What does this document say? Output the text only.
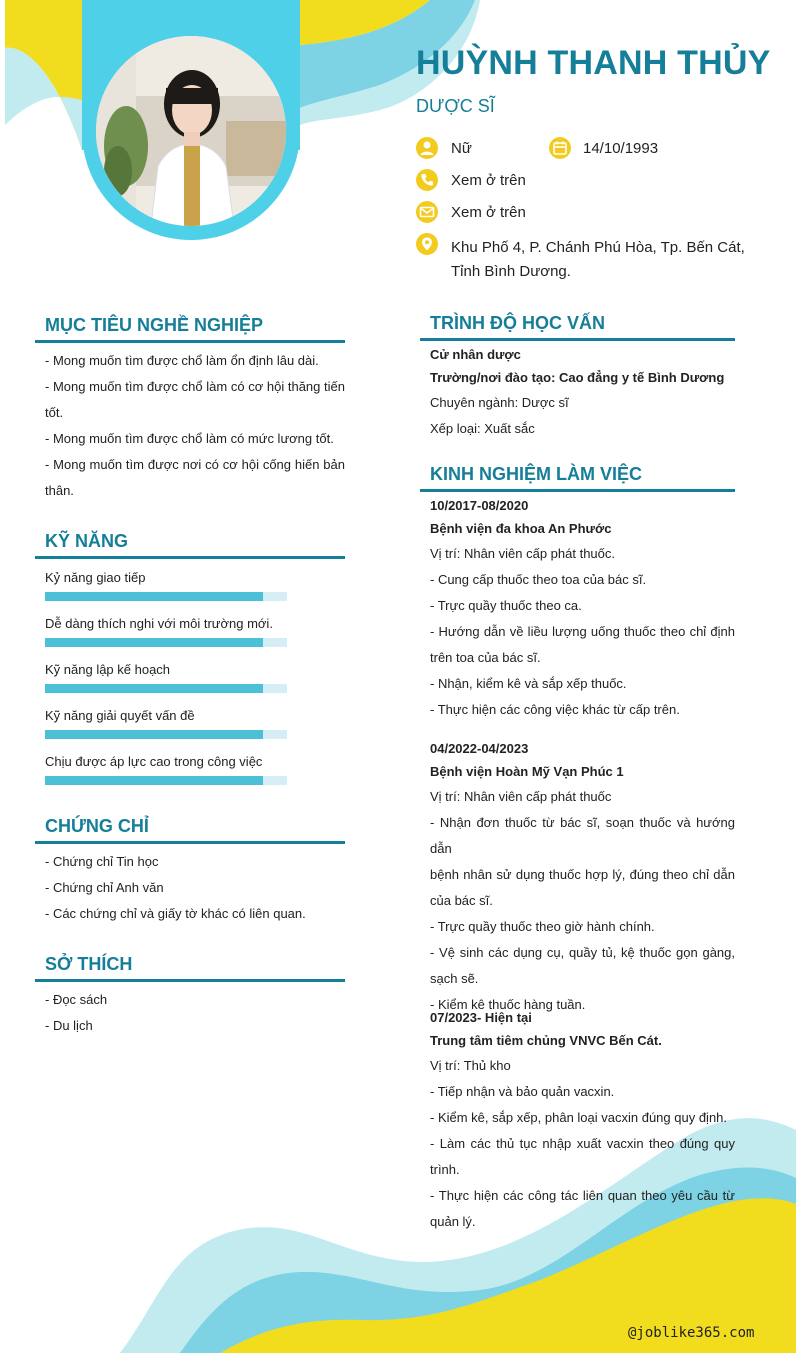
HUỲNH THANH THỦY
DƯỢC SĨ
Nữ	14/10/1993
Xem ở trên
Xem ở trên
Khu Phố 4, P. Chánh Phú Hòa, Tp. Bến Cát,
Tỉnh Bình Dương.
MỤC TIÊU NGHỀ NGHIỆP
- Mong muốn tìm được chổ làm ổn định lâu dài.
- Mong muốn tìm được chổ làm có cơ hội thăng tiến
tốt.
- Mong muốn tìm được chổ làm có mức lương tốt.
- Mong muốn tìm được nơi có cơ hội cống hiến bản
thân.
KỸ NĂNG
Kỷ năng giao tiếp
Dễ dàng thích nghi với môi trường mới.
Kỹ năng lập kế hoạch
Kỹ năng giải quyết vấn đề
Chịu được áp lực cao trong công việc
CHỨNG CHỈ
- Chứng chỉ Tin học
- Chứng chỉ Anh văn
- Các chứng chỉ và giấy tờ khác có liên quan.
SỞ THÍCH
- Đọc sách
- Du lịch
TRÌNH ĐỘ HỌC VẤN
Cử nhân dược
Trường/nơi đào tạo: Cao đẳng y tế Bình Dương
Chuyên ngành: Dược sĩ
Xếp loại: Xuất sắc
KINH NGHIỆM LÀM VIỆC
10/2017-08/2020
Bệnh viện đa khoa An Phước
Vị trí: Nhân viên cấp phát thuốc.
- Cung cấp thuốc theo toa của bác sĩ.
- Trực quầy thuốc theo ca.
- Hướng dẫn về liều lượng uống thuốc theo chỉ định
trên toa của bác sĩ.
- Nhận, kiểm kê và sắp xếp thuốc.
- Thực hiện các công việc khác từ cấp trên.
04/2022-04/2023
Bệnh viện Hoàn Mỹ Vạn Phúc 1
Vị trí: Nhân viên cấp phát thuốc
- Nhận đơn thuốc từ bác sĩ, soạn thuốc và hướng dẫn
bệnh nhân sử dụng thuốc hợp lý, đúng theo chỉ dẫn
của bác sĩ.
- Trực quầy thuốc theo giờ hành chính.
- Vệ sinh các dụng cụ, quầy tủ, kệ thuốc gọn gàng,
sạch sẽ.
- Kiểm kê thuốc hàng tuần.
07/2023- Hiện tại
Trung tâm tiêm chủng VNVC Bến Cát.
Vị trí: Thủ kho
- Tiếp nhận và bảo quản vacxin.
- Kiểm kê, sắp xếp, phân loại vacxin đúng quy định.
- Làm các thủ tục nhập xuất vacxin theo đúng quy
trình.
- Thực hiện các công tác liên quan theo yêu cầu từ
quản lý.
@joblike365.com
